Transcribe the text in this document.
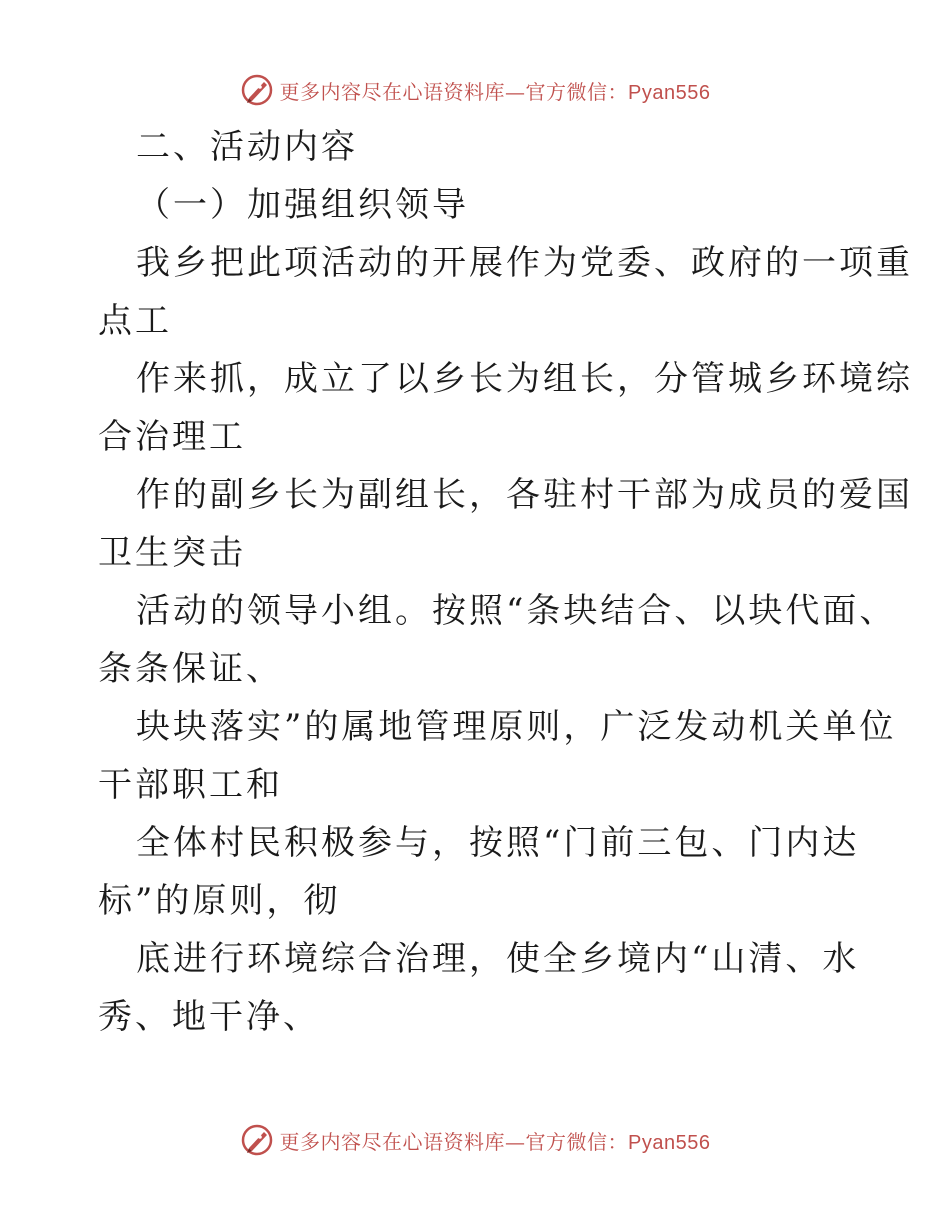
更多内容尽在心语资料库—官方微信：Pyan556
二、活动内容
（一）加强组织领导
我乡把此项活动的开展作为党委、政府的一项重
点工
作来抓，成立了以乡长为组长，分管城乡环境综
合治理工
作的副乡长为副组长，各驻村干部为成员的爱国
卫生突击
活动的领导小组。按照“条块结合、以块代面、
条条保证、
块块落实”的属地管理原则，广泛发动机关单位
干部职工和
全体村民积极参与，按照“门前三包、门内达
标”的原则，彻
底进行环境综合治理，使全乡境内“山清、水
秀、地干净、
更多内容尽在心语资料库—官方微信：Pyan556
